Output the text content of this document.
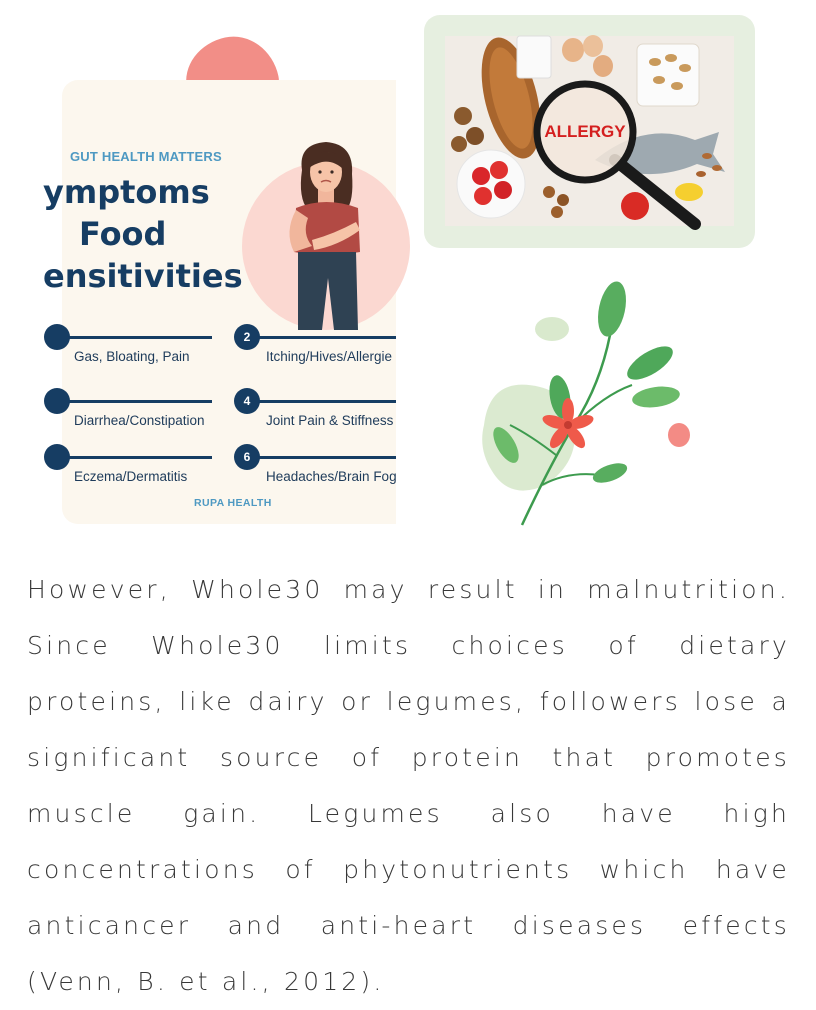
GUT HEALTH MATTERS
ymptoms
Food
ensitivities
Gas, Bloating, Pain
2
Itching/Hives/Allergie
Diarrhea/Constipation
4
Joint Pain & Stiffness
Eczema/Dermatitis
6
Headaches/Brain Fog
RUPA HEALTH
ALLERGY

However, Whole30 may result in malnutrition. Since Whole30 limits choices of dietary proteins, like dairy or legumes, followers lose a significant source of protein that promotes muscle gain. Legumes also have high concentrations of phytonutrients which have anticancer and anti-heart diseases effects (Venn, B. et al., 2012).
